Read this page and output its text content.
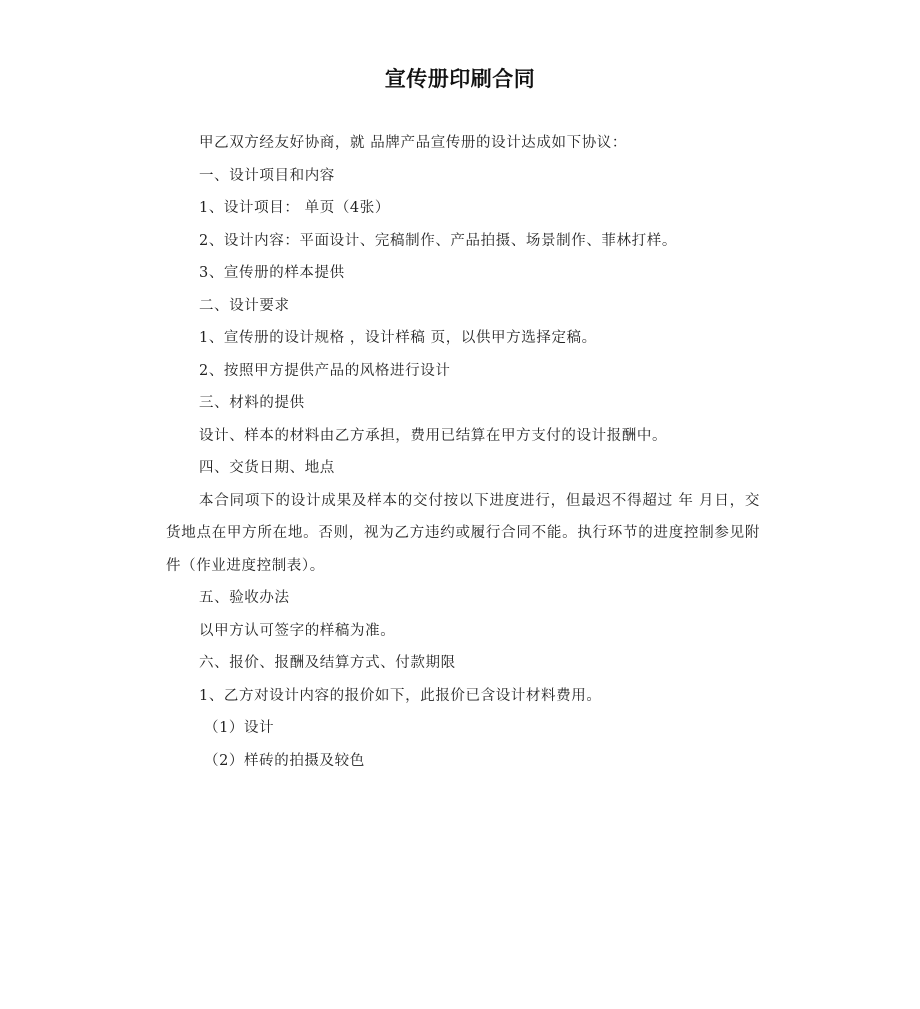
宣传册印刷合同

甲乙双方经友好协商，就 品牌产品宣传册的设计达成如下协议：

一、设计项目和内容

1、设计项目： 单页（4张）

2、设计内容：平面设计、完稿制作、产品拍摄、场景制作、菲林打样。

3、宣传册的样本提供

二、设计要求

1、宣传册的设计规格 ，设计样稿 页，以供甲方选择定稿。

2、按照甲方提供产品的风格进行设计

三、材料的提供

设计、样本的材料由乙方承担，费用已结算在甲方支付的设计报酬中。

四、交货日期、地点

本合同项下的设计成果及样本的交付按以下进度进行，但最迟不得超过 年 月日，交货地点在甲方所在地。否则，视为乙方违约或履行合同不能。执行环节的进度控制参见附件（作业进度控制表）。

五、验收办法

以甲方认可签字的样稿为准。

六、报价、报酬及结算方式、付款期限

1、乙方对设计内容的报价如下，此报价已含设计材料费用。

（1）设计

（2）样砖的拍摄及较色
